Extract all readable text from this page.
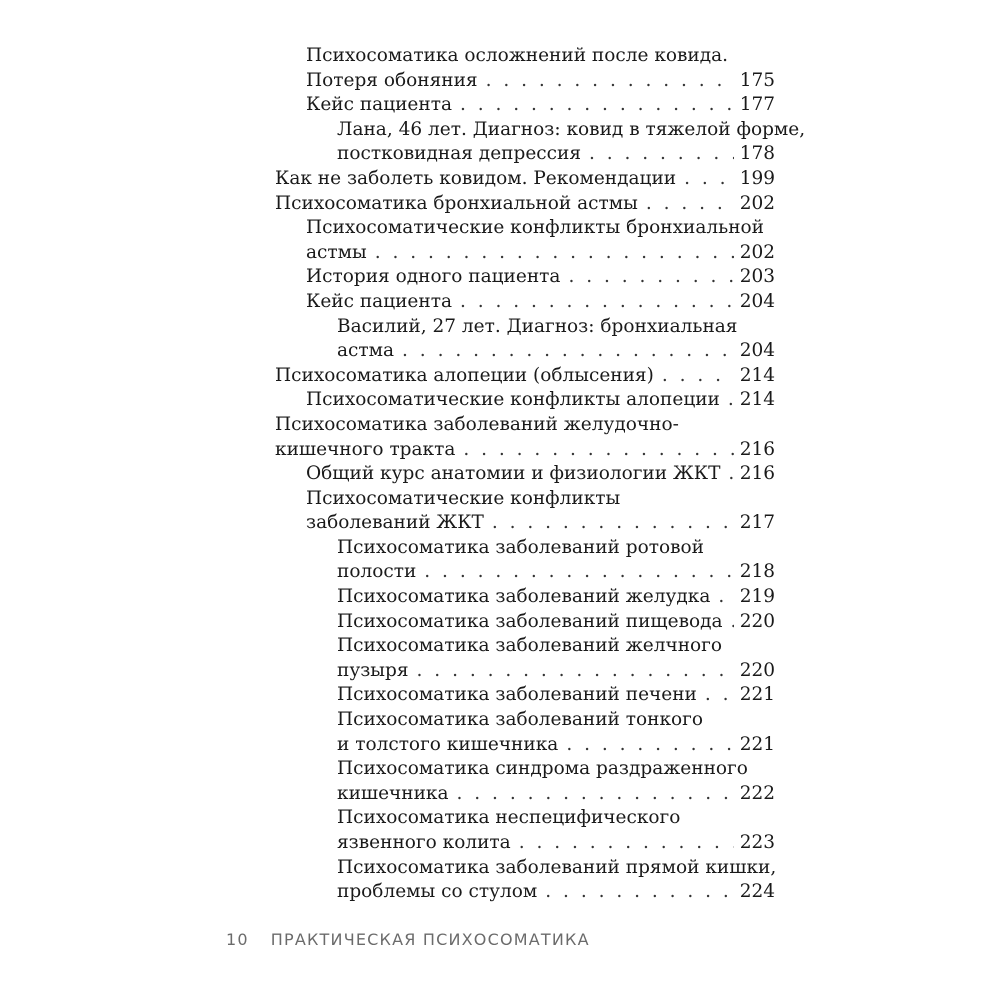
Психосоматика осложнений после ковида.
Потеря обоняния . . .	175
Кейс пациента . . .	177
Лана, 46 лет. Диагноз: ковид в тяжелой форме,
постковидная депрессия . . .	178
Как не заболеть ковидом. Рекомендации . . .	199
Психосоматика бронхиальной астмы . . .	202
Психосоматические конфликты бронхиальной
астмы . . .	202
История одного пациента . . .	203
Кейс пациента . . .	204
Василий, 27 лет. Диагноз: бронхиальная
астма . . .	204
Психосоматика алопеции (облысения) . . .	214
Психосоматические конфликты алопеции . . . 214
Психосоматика заболеваний желудочно-
кишечного тракта . . .	216
Общий курс анатомии и физиологии ЖКТ . . . 216
Психосоматические конфликты
заболеваний ЖКТ . . .	217
Психосоматика заболеваний ротовой
полости . . .	218
Психосоматика заболеваний желудка . . . 219
Психосоматика заболеваний пищевода . . . 220
Психосоматика заболеваний желчного
пузыря . . .	220
Психосоматика заболеваний печени . . . 221
Психосоматика заболеваний тонкого
и толстого кишечника . . .	221
Психосоматика синдрома раздраженного
кишечника . . .	222
Психосоматика неспецифического
язвенного колита . . .	223
Психосоматика заболеваний прямой кишки,
проблемы со стулом . . .	224
10 ПРАКТИЧЕСКАЯ ПСИХОСОМАТИКА
